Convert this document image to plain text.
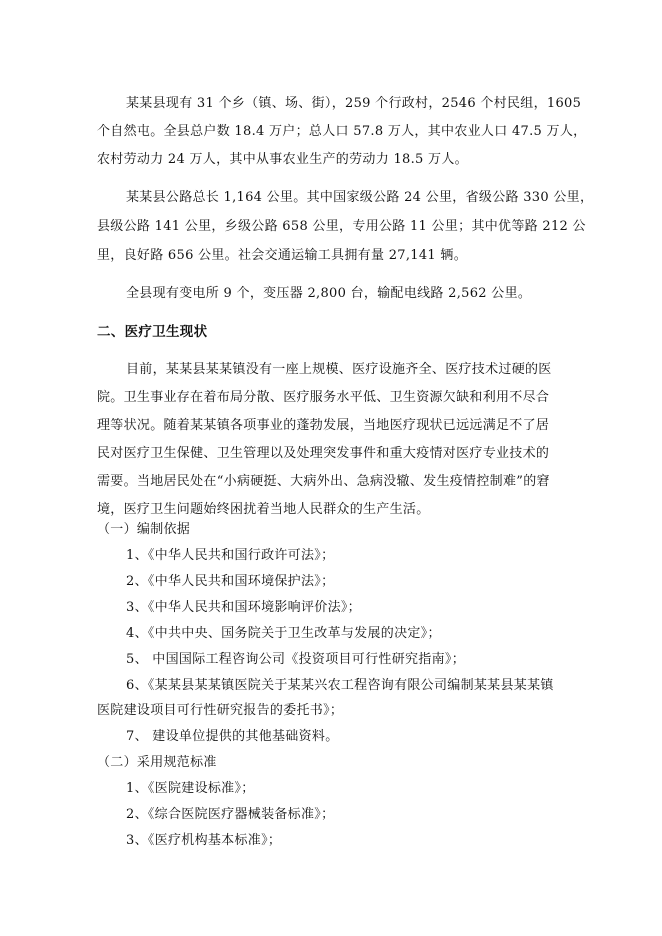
某某县现有 31 个乡（镇、场、街），259 个行政村，2546 个村民组，1605
个自然屯。全县总户数 18.4 万户；总人口 57.8 万人，其中农业人口 47.5 万人，
农村劳动力 24 万人，其中从事农业生产的劳动力 18.5 万人。
某某县公路总长 1,164 公里。其中国家级公路 24 公里，省级公路 330 公里，
县级公路 141 公里，乡级公路 658 公里，专用公路 11 公里；其中优等路 212 公
里，良好路 656 公里。社会交通运输工具拥有量 27,141 辆。
全县现有变电所 9 个，变压器 2,800 台，输配电线路 2,562 公里。
二、医疗卫生现状
目前，某某县某某镇没有一座上规模、医疗设施齐全、医疗技术过硬的医
院。卫生事业存在着布局分散、医疗服务水平低、卫生资源欠缺和利用不尽合
理等状况。随着某某镇各项事业的蓬勃发展，当地医疗现状已远远满足不了居
民对医疗卫生保健、卫生管理以及处理突发事件和重大疫情对医疗专业技术的
需要。当地居民处在“小病硬挺、大病外出、急病没辙、发生疫情控制难”的窘
境，医疗卫生问题始终困扰着当地人民群众的生产生活。
（一）编制依据
1、《中华人民共和国行政许可法》；
2、《中华人民共和国环境保护法》；
3、《中华人民共和国环境影响评价法》；
4、《中共中央、国务院关于卫生改革与发展的决定》；
5、 中国国际工程咨询公司《投资项目可行性研究指南》；
6、《某某县某某镇医院关于某某兴农工程咨询有限公司编制某某县某某镇
医院建设项目可行性研究报告的委托书》；
7、 建设单位提供的其他基础资料。
（二）采用规范标准
1、《医院建设标准》；
2、《综合医院医疗器械装备标准》；
3、《医疗机构基本标准》；
